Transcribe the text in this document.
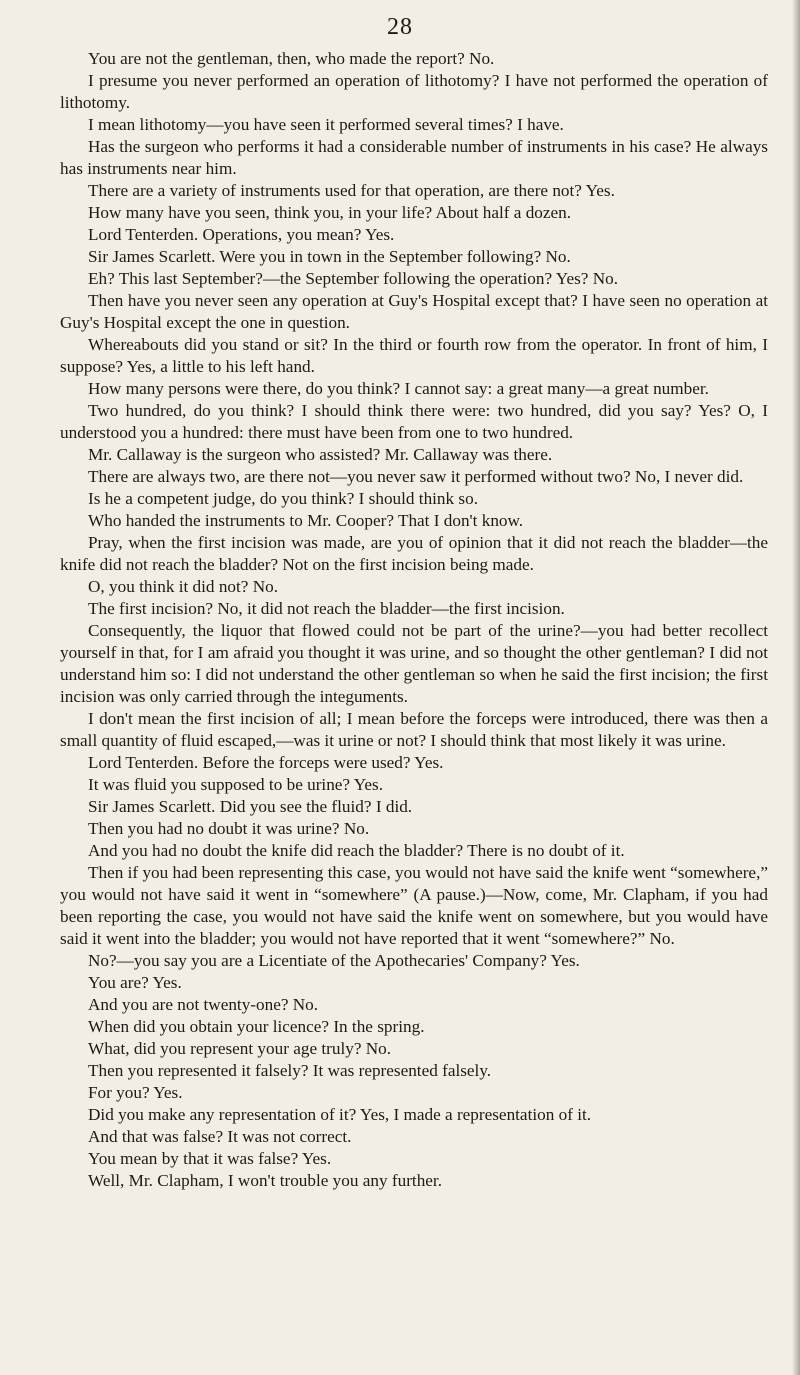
28

You are not the gentleman, then, who made the report? No.

I presume you never performed an operation of lithotomy? I have not performed the operation of lithotomy.

I mean lithotomy—you have seen it performed several times? I have.

Has the surgeon who performs it had a considerable number of instruments in his case? He always has instruments near him.

There are a variety of instruments used for that operation, are there not? Yes.

How many have you seen, think you, in your life? About half a dozen.

Lord Tenterden. Operations, you mean? Yes.

Sir James Scarlett. Were you in town in the September following? No.

Eh? This last September?—the September following the operation? Yes? No.

Then have you never seen any operation at Guy's Hospital except that? I have seen no operation at Guy's Hospital except the one in question.

Whereabouts did you stand or sit? In the third or fourth row from the operator. In front of him, I suppose? Yes, a little to his left hand.

How many persons were there, do you think? I cannot say: a great many—a great number.

Two hundred, do you think? I should think there were: two hundred, did you say? Yes? O, I understood you a hundred: there must have been from one to two hundred.

Mr. Callaway is the surgeon who assisted? Mr. Callaway was there.

There are always two, are there not—you never saw it performed without two? No, I never did.

Is he a competent judge, do you think? I should think so.

Who handed the instruments to Mr. Cooper? That I don't know.

Pray, when the first incision was made, are you of opinion that it did not reach the bladder—the knife did not reach the bladder? Not on the first incision being made.

O, you think it did not? No.

The first incision? No, it did not reach the bladder—the first incision.

Consequently, the liquor that flowed could not be part of the urine?—you had better recollect yourself in that, for I am afraid you thought it was urine, and so thought the other gentleman? I did not understand him so: I did not understand the other gentleman so when he said the first incision; the first incision was only carried through the integuments.

I don't mean the first incision of all; I mean before the forceps were introduced, there was then a small quantity of fluid escaped,—was it urine or not? I should think that most likely it was urine.

Lord Tenterden. Before the forceps were used? Yes.

It was fluid you supposed to be urine? Yes.

Sir James Scarlett. Did you see the fluid? I did.

Then you had no doubt it was urine? No.

And you had no doubt the knife did reach the bladder? There is no doubt of it.

Then if you had been representing this case, you would not have said the knife went “somewhere,” you would not have said it went in “somewhere” (A pause.)—Now, come, Mr. Clapham, if you had been reporting the case, you would not have said the knife went on somewhere, but you would have said it went into the bladder; you would not have reported that it went “somewhere?” No.

No?—you say you are a Licentiate of the Apothecaries' Company? Yes.

You are? Yes.

And you are not twenty-one? No.

When did you obtain your licence? In the spring.

What, did you represent your age truly? No.

Then you represented it falsely? It was represented falsely.

For you? Yes.

Did you make any representation of it? Yes, I made a representation of it.

And that was false? It was not correct.

You mean by that it was false? Yes.

Well, Mr. Clapham, I won't trouble you any further.
